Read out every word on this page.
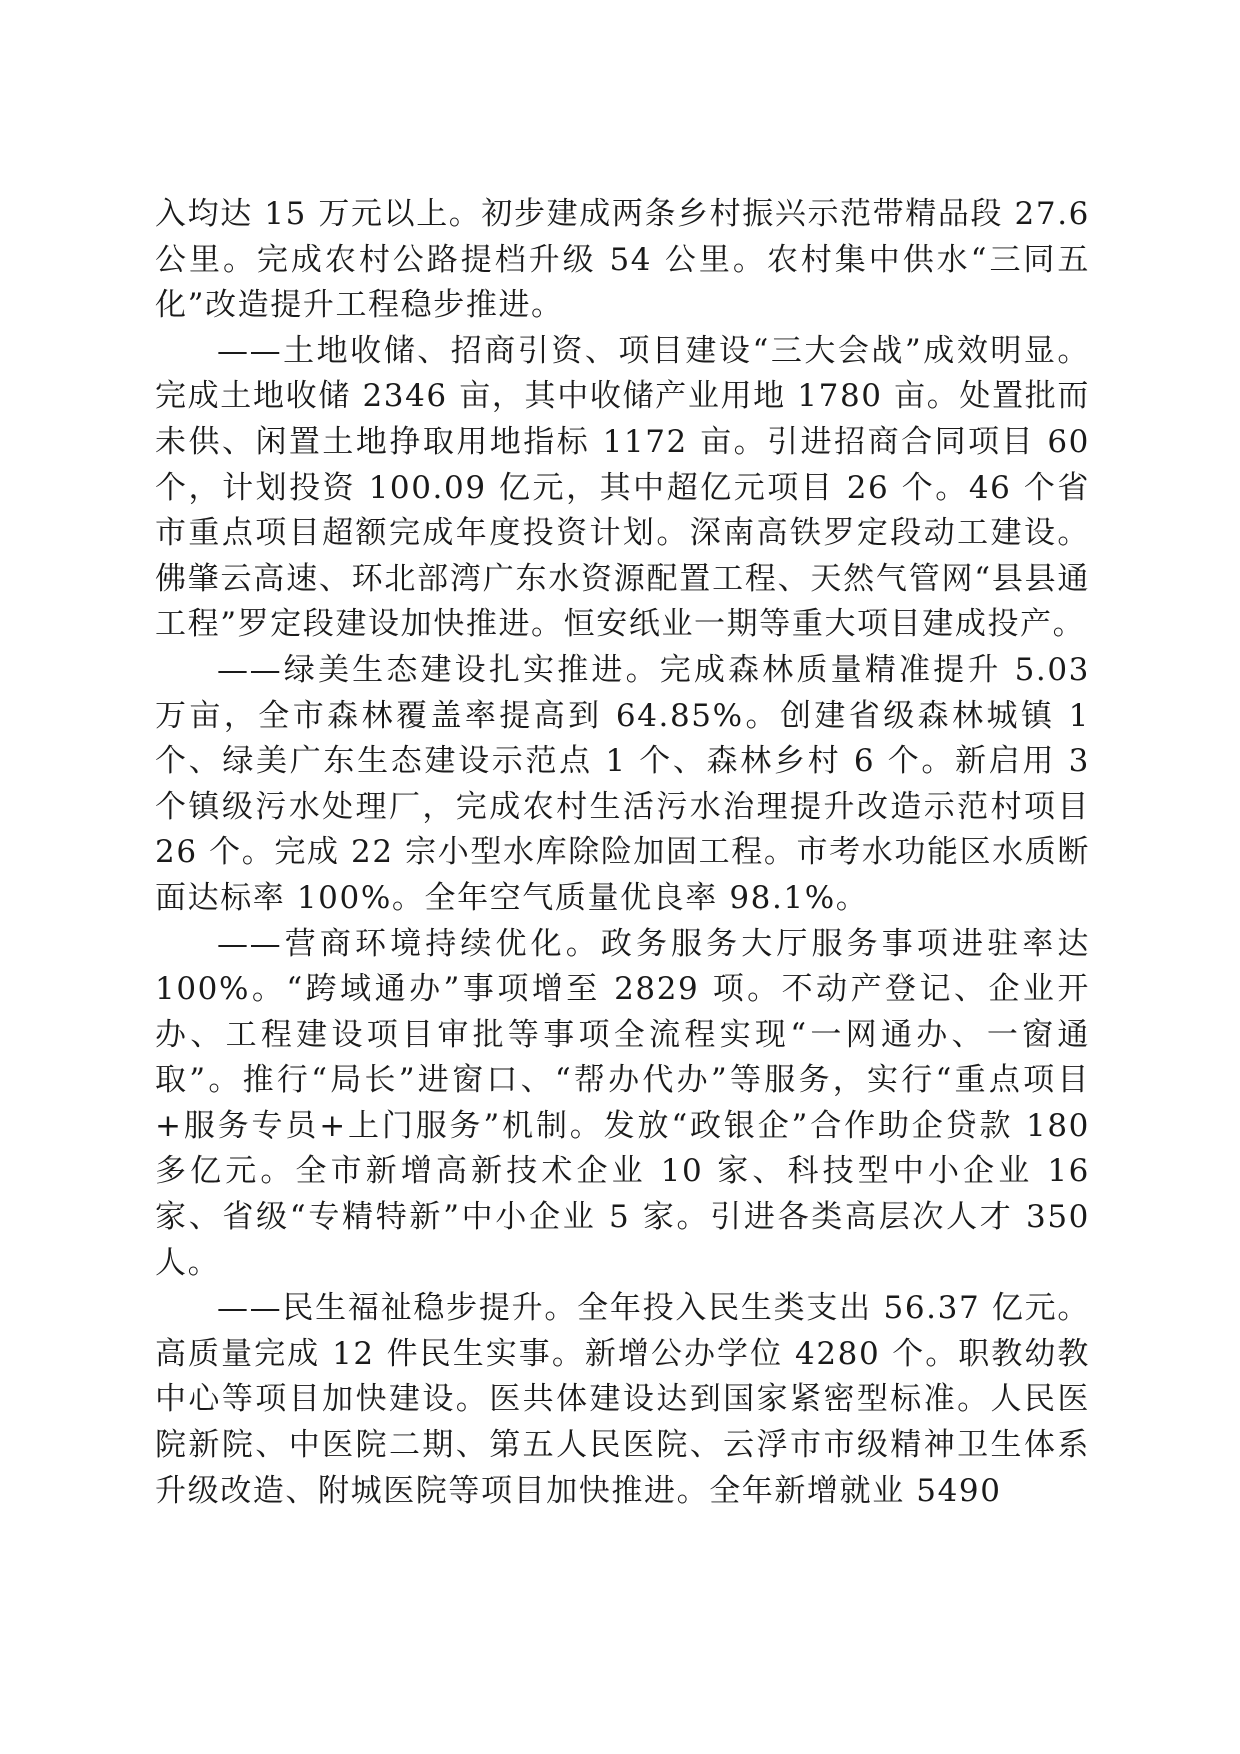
入均达 15 万元以上。初步建成两条乡村振兴示范带精品段 27.6 公里。完成农村公路提档升级 54 公里。农村集中供水“三同五化”改造提升工程稳步推进。

——土地收储、招商引资、项目建设“三大会战”成效明显。完成土地收储 2346 亩，其中收储产业用地 1780 亩。处置批而未供、闲置土地挣取用地指标 1172 亩。引进招商合同项目 60 个，计划投资 100.09 亿元，其中超亿元项目 26 个。46 个省市重点项目超额完成年度投资计划。深南高铁罗定段动工建设。佛肇云高速、环北部湾广东水资源配置工程、天然气管网“县县通工程”罗定段建设加快推进。恒安纸业一期等重大项目建成投产。

——绿美生态建设扎实推进。完成森林质量精准提升 5.03 万亩，全市森林覆盖率提高到 64.85%。创建省级森林城镇 1 个、绿美广东生态建设示范点 1 个、森林乡村 6 个。新启用 3 个镇级污水处理厂，完成农村生活污水治理提升改造示范村项目 26 个。完成 22 宗小型水库除险加固工程。市考水功能区水质断面达标率 100%。全年空气质量优良率 98.1%。

——营商环境持续优化。政务服务大厅服务事项进驻率达 100%。“跨域通办”事项增至 2829 项。不动产登记、企业开办、工程建设项目审批等事项全流程实现“一网通办、一窗通取”。推行“局长”进窗口、“帮办代办”等服务，实行“重点项目+服务专员+上门服务”机制。发放“政银企”合作助企贷款 180 多亿元。全市新增高新技术企业 10 家、科技型中小企业 16 家、省级“专精特新”中小企业 5 家。引进各类高层次人才 350 人。

——民生福祉稳步提升。全年投入民生类支出 56.37 亿元。高质量完成 12 件民生实事。新增公办学位 4280 个。职教幼教中心等项目加快建设。医共体建设达到国家紧密型标准。人民医院新院、中医院二期、第五人民医院、云浮市市级精神卫生体系升级改造、附城医院等项目加快推进。全年新增就业 5490
